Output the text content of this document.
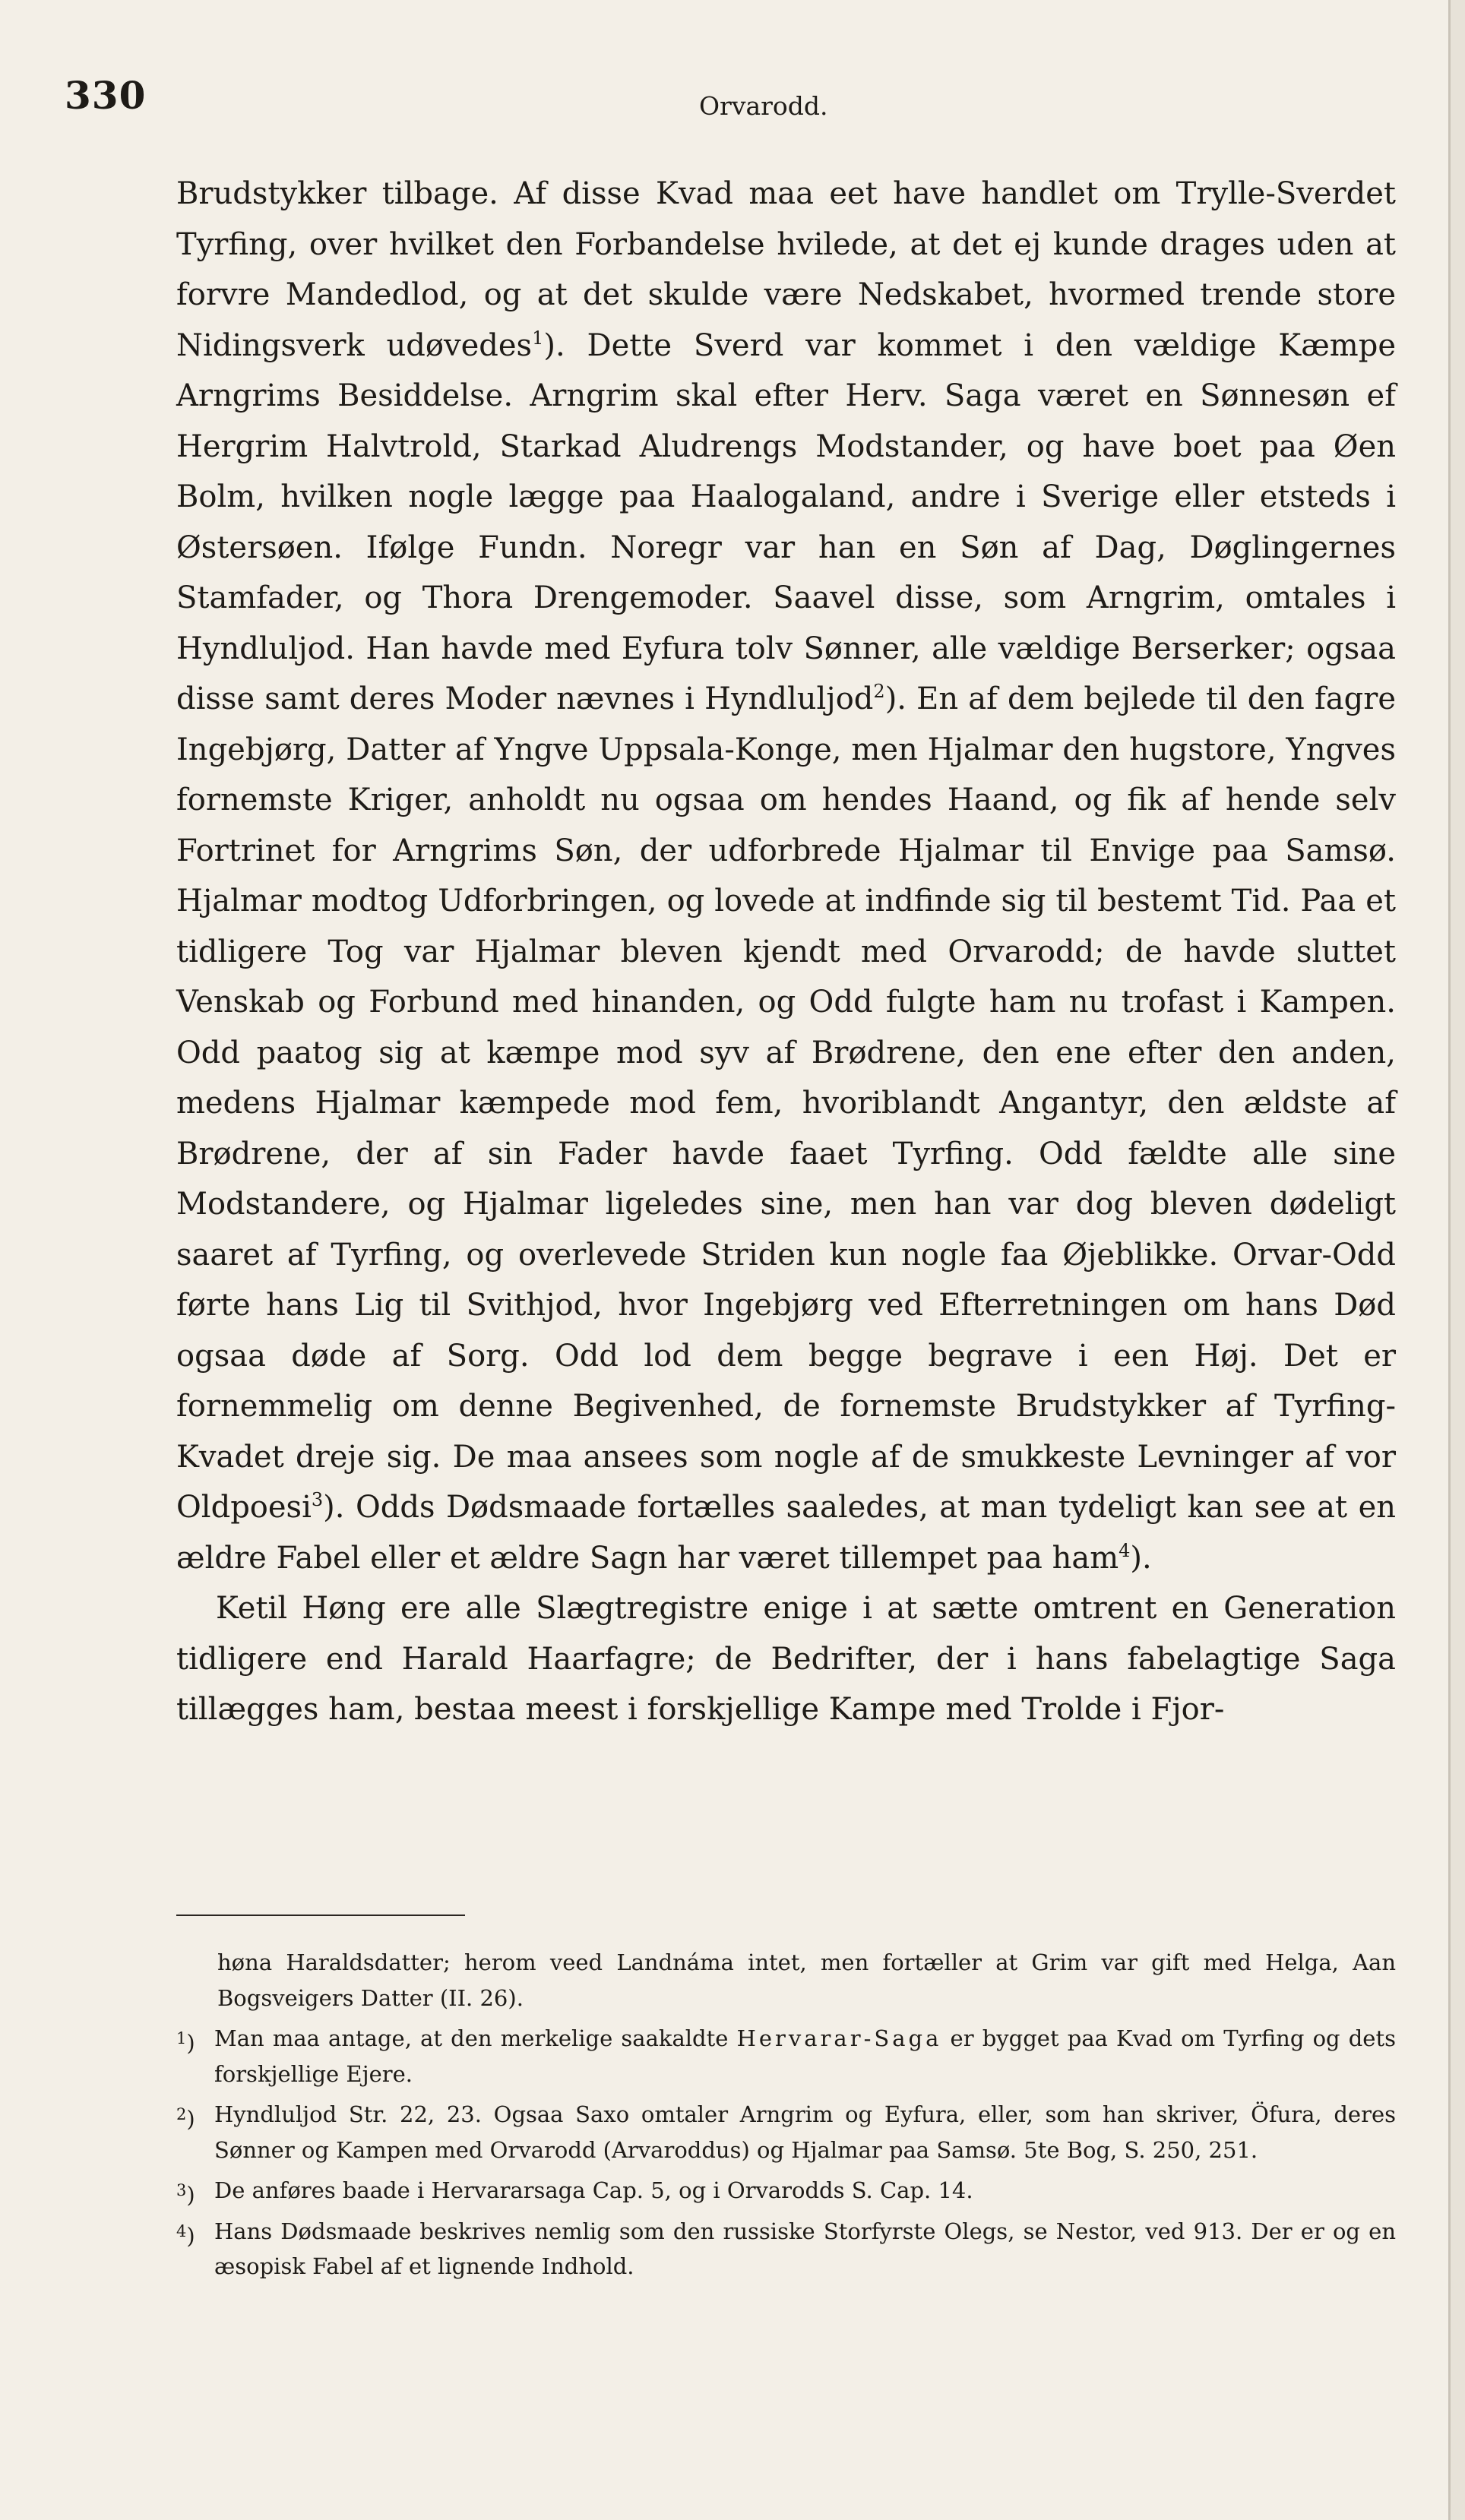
330	Orvarodd.

Brudstykker tilbage. Af disse Kvad maa eet have handlet om Trylle-Sverdet Tyrfing, over hvilket den Forbandelse hvilede, at det ej kunde drages uden at forvre Mandedlod, og at det skulde være Nedskabet, hvormed trende store Nidingsverk udøvedes$^1$). Dette Sverd var kommet i den vældige Kæmpe Arngrims Besiddelse. Arngrim skal efter Herv. Saga været en Sønnesøn ef Hergrim Halvtrold, Starkad Aludrengs Modstander, og have boet paa Øen Bolm, hvilken nogle lægge paa Haalogaland, andre i Sverige eller etsteds i Østersøen. Ifølge Fundn. Noregr var han en Søn af Dag, Døglingernes Stamfader, og Thora Drengemoder. Saavel disse, som Arngrim, omtales i Hyndluljod. Han havde med Eyfura tolv Sønner, alle vældige Berserker; ogsaa disse samt deres Moder nævnes i Hyndluljod$^2$). En af dem bejlede til den fagre Ingebjørg, Datter af Yngve Uppsala-Konge, men Hjalmar den hugstore, Yngves fornemste Kriger, anholdt nu ogsaa om hendes Haand, og fik af hende selv Fortrinet for Arngrims Søn, der udforbrede Hjalmar til Envige paa Samsø. Hjalmar modtog Udforbringen, og lovede at indfinde sig til bestemt Tid. Paa et tidligere Tog var Hjalmar bleven kjendt med Orvarodd; de havde sluttet Venskab og Forbund med hinanden, og Odd fulgte ham nu trofast i Kampen. Odd paatog sig at kæmpe mod syv af Brødrene, den ene efter den anden, medens Hjalmar kæmpede mod fem, hvoriblandt Angantyr, den ældste af Brødrene, der af sin Fader havde faaet Tyrfing. Odd fældte alle sine Modstandere, og Hjalmar ligeledes sine, men han var dog bleven dødeligt saaret af Tyrfing, og overlevede Striden kun nogle faa Øjeblikke. Orvar-Odd førte hans Lig til Svithjod, hvor Ingebjørg ved Efterretningen om hans Død ogsaa døde af Sorg. Odd lod dem begge begrave i een Høj. Det er fornemmelig om denne Begivenhed, de fornemste Brudstykker af Tyrfing-Kvadet dreje sig. De maa ansees som nogle af de smukkeste Levninger af vor Oldpoesi$^3$). Odds Dødsmaade fortælles saaledes, at man tydeligt kan see at en ældre Fabel eller et ældre Sagn har været tillempet paa ham$^4$).

Ketil Høng ere alle Slægtregistre enige i at sætte omtrent en Generation tidligere end Harald Haarfagre; de Bedrifter, der i hans fabelagtige Saga tillægges ham, bestaa meest i forskjellige Kampe med Trolde i Fjor-

høna Haraldsdatter; herom veed Landnáma intet, men fortæller at Grim var gift med Helga, Aan Bogsveigers Datter (II. 26).
$^1$) Man maa antage, at den merkelige saakaldte Hervarar-Saga er bygget paa Kvad om Tyrfing og dets forskjellige Ejere.
$^2$) Hyndluljod Str. 22, 23. Ogsaa Saxo omtaler Arngrim og Eyfura, eller, som han skriver, Öfura, deres Sønner og Kampen med Orvarodd (Arvaroddus) og Hjalmar paa Samsø. 5te Bog, S. 250, 251.
$^3$) De anføres baade i Hervararsaga Cap. 5, og i Orvarodds S. Cap. 14.
$^4$) Hans Dødsmaade beskrives nemlig som den russiske Storfyrste Olegs, se Nestor, ved 913. Der er og en æsopisk Fabel af et lignende Indhold.
